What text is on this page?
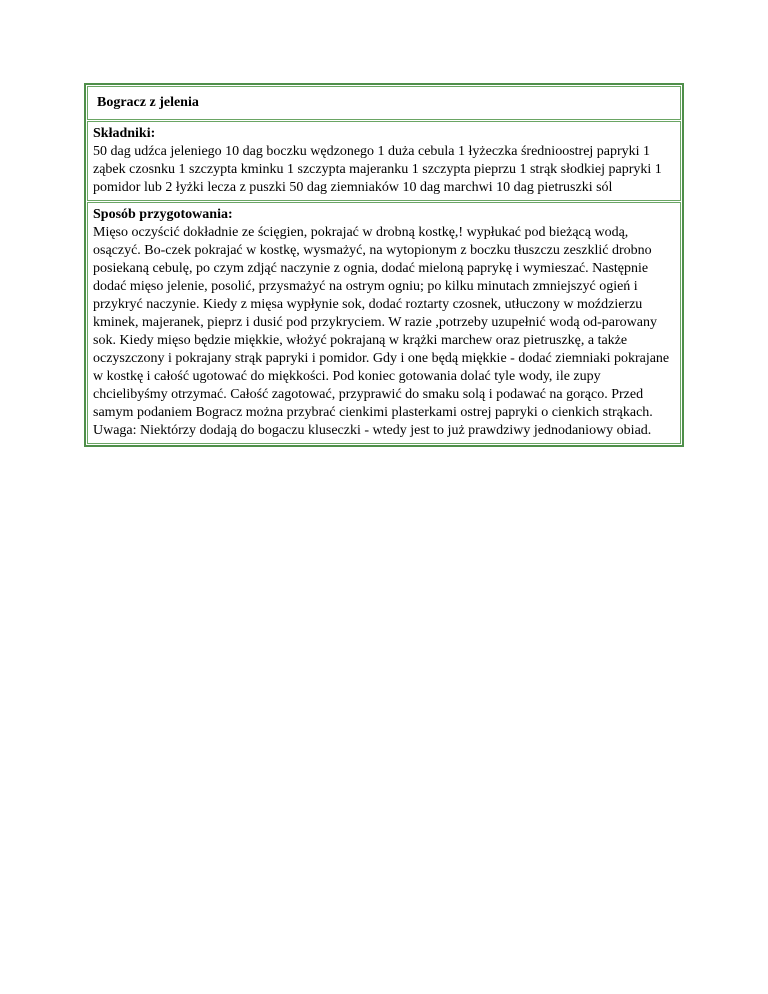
Bogracz z jelenia
Składniki:
50 dag udźca jeleniego 10 dag boczku wędzonego 1 duża cebula 1 łyżeczka średnioostrej papryki 1 ząbek czosnku 1 szczypta kminku 1 szczypta majeranku 1 szczypta pieprzu 1 strąk słodkiej papryki 1 pomidor lub 2 łyżki lecza z puszki 50 dag ziemniaków 10 dag marchwi 10 dag pietruszki sól
Sposób przygotowania:
Mięso oczyścić dokładnie ze ścięgien, pokrajać w drobną kostkę,! wypłukać pod bieżącą wodą, osączyć. Bo-czek pokrajać w kostkę, wysmażyć, na wytopionym z boczku tłuszczu zeszklić drobno posiekaną cebulę, po czym zdjąć naczynie z ognia, dodać mieloną paprykę i wymieszać. Następnie dodać mięso jelenie, posolić, przysmażyć na ostrym ogniu; po kilku minutach zmniejszyć ogień i przykryć naczynie. Kiedy z mięsa wypłynie sok, dodać roztarty czosnek, utłuczony w moździerzu kminek, majeranek, pieprz i dusić pod przykryciem. W razie ,potrzeby uzupełnić wodą od-parowany sok. Kiedy mięso będzie miękkie, włożyć pokrajaną w krążki marchew oraz pietruszkę, a także oczyszczony i pokrajany strąk papryki i pomidor. Gdy i one będą miękkie - dodać ziemniaki pokrajane w kostkę i całość ugotować do miękkości. Pod koniec gotowania dolać tyle wody, ile zupy chcielibyśmy otrzymać. Całość zagotować, przyprawić do smaku solą i podawać na gorąco. Przed samym podaniem Bogracz można przybrać cienkimi plasterkami ostrej papryki o cienkich strąkach. Uwaga: Niektórzy dodają do bogaczu kluseczki - wtedy jest to już prawdziwy jednodaniowy obiad.
